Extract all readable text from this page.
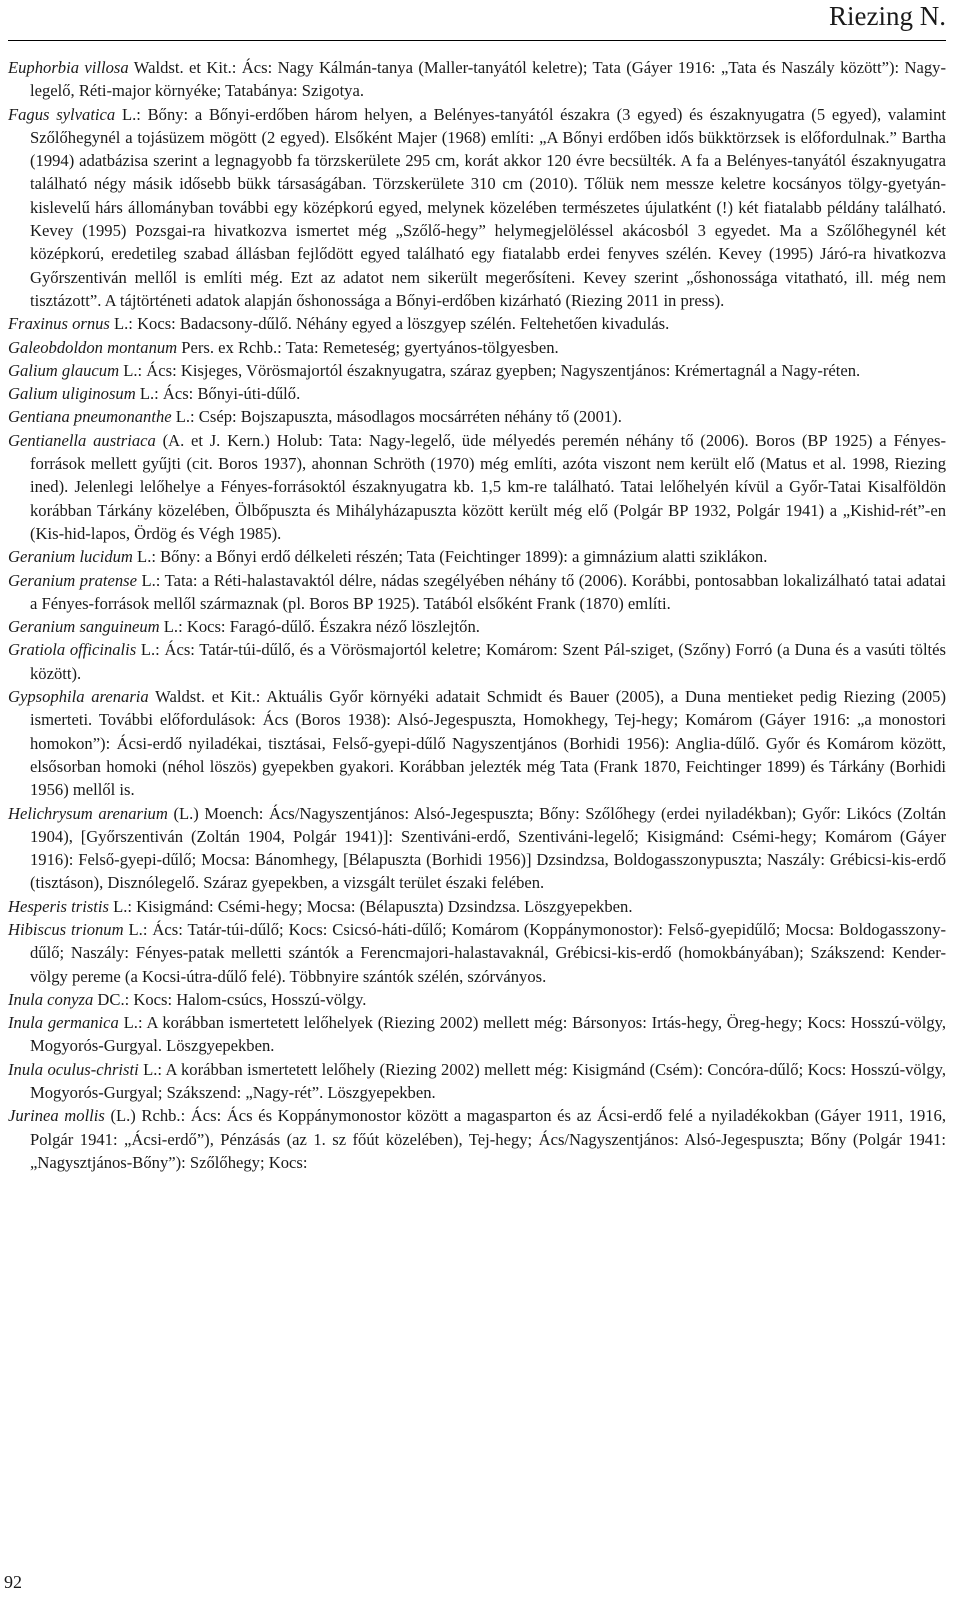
Riezing N.

Euphorbia villosa Waldst. et Kit.: Ács: Nagy Kálmán-tanya (Maller-tanyától keletre); Tata (Gáyer 1916: „Tata és Naszály között”): Nagy-legelő, Réti-major környéke; Tatabánya: Szigotya.

Fagus sylvatica L.: Bőny: a Bőnyi-erdőben három helyen, a Belényes-tanyától északra (3 egyed) és északnyugatra (5 egyed), valamint Szőlőhegynél a tojásüzem mögött (2 egyed). Elsőként Majer (1968) említi: „A Bőnyi erdőben idős bükktörzsek is előfordulnak.” Bartha (1994) adatbázisa szerint a legnagyobb fa törzskerülete 295 cm, korát akkor 120 évre becsülték. A fa a Belényes-tanyától északnyugatra található négy másik idősebb bükk társaságában. Törzskerülete 310 cm (2010). Tőlük nem messze keletre kocsányos tölgy-gyetyán-kislevelű hárs állományban további egy középkorú egyed, melynek közelében természetes újulatként (!) két fiatalabb példány található. Kevey (1995) Pozsgai-ra hivatkozva ismertet még „Szőlő-hegy” helymegjelöléssel akácosból 3 egyedet. Ma a Szőlőhegynél két középkorú, eredetileg szabad állásban fejlődött egyed található egy fiatalabb erdei fenyves szélén. Kevey (1995) Járó-ra hivatkozva Győrszentiván mellől is említi még. Ezt az adatot nem sikerült megerősíteni. Kevey szerint „őshonossága vitatható, ill. még nem tisztázott”. A tájtörténeti adatok alapján őshonossága a Bőnyi-erdőben kizárható (Riezing 2011 in press).

Fraxinus ornus L.: Kocs: Badacsony-dűlő. Néhány egyed a löszgyep szélén. Feltehetően kivadulás.

Galeobdoldon montanum Pers. ex Rchb.: Tata: Remeteség; gyertyános-tölgyesben.

Galium glaucum L.: Ács: Kisjeges, Vörösmajortól északnyugatra, száraz gyepben; Nagyszentjános: Krémertagnál a Nagy-réten.

Galium uliginosum L.: Ács: Bőnyi-úti-dűlő.

Gentiana pneumonanthe L.: Csép: Bojszapuszta, másodlagos mocsárréten néhány tő (2001).

Gentianella austriaca (A. et J. Kern.) Holub: Tata: Nagy-legelő, üde mélyedés peremén néhány tő (2006). Boros (BP 1925) a Fényes-források mellett gyűjti (cit. Boros 1937), ahonnan Schröth (1970) még említi, azóta viszont nem került elő (Matus et al. 1998, Riezing ined). Jelenlegi lelőhelye a Fényes-forrásoktól északnyugatra kb. 1,5 km-re található. Tatai lelőhelyén kívül a Győr-Tatai Kisalföldön korábban Tárkány közelében, Ölbőpuszta és Mihályházapuszta között került még elő (Polgár BP 1932, Polgár 1941) a „Kishid-rét”-en (Kis-hid-lapos, Ördög és Végh 1985).

Geranium lucidum L.: Bőny: a Bőnyi erdő délkeleti részén; Tata (Feichtinger 1899): a gimnázium alatti sziklákon.

Geranium pratense L.: Tata: a Réti-halastavaktól délre, nádas szegélyében néhány tő (2006). Korábbi, pontosabban lokalizálható tatai adatai a Fényes-források mellől származnak (pl. Boros BP 1925). Tatából elsőként Frank (1870) említi.

Geranium sanguineum L.: Kocs: Faragó-dűlő. Északra néző löszlejtőn.

Gratiola officinalis L.: Ács: Tatár-túi-dűlő, és a Vörösmajortól keletre; Komárom: Szent Pál-sziget, (Szőny) Forró (a Duna és a vasúti töltés között).

Gypsophila arenaria Waldst. et Kit.: Aktuális Győr környéki adatait Schmidt és Bauer (2005), a Duna mentieket pedig Riezing (2005) ismerteti. További előfordulások: Ács (Boros 1938): Alsó-Jegespuszta, Homokhegy, Tej-hegy; Komárom (Gáyer 1916: „a monostori homokon”): Ácsi-erdő nyiladékai, tisztásai, Felső-gyepi-dűlő Nagyszentjános (Borhidi 1956): Anglia-dűlő. Győr és Komárom között, elsősorban homoki (néhol löszös) gyepekben gyakori. Korábban jelezték még Tata (Frank 1870, Feichtinger 1899) és Tárkány (Borhidi 1956) mellől is.

Helichrysum arenarium (L.) Moench: Ács/Nagyszentjános: Alsó-Jegespuszta; Bőny: Szőlőhegy (erdei nyiladékban); Győr: Likócs (Zoltán 1904), [Győrszentiván (Zoltán 1904, Polgár 1941)]: Szentiváni-erdő, Szentiváni-legelő; Kisigmánd: Csémi-hegy; Komárom (Gáyer 1916): Felső-gyepi-dűlő; Mocsa: Bánomhegy, [Bélapuszta (Borhidi 1956)] Dzsindzsa, Boldogasszonypuszta; Naszály: Grébicsi-kis-erdő (tisztáson), Disznólegelő. Száraz gyepekben, a vizsgált terület északi felében.

Hesperis tristis L.: Kisigmánd: Csémi-hegy; Mocsa: (Bélapuszta) Dzsindzsa. Löszgyepekben.

Hibiscus trionum L.: Ács: Tatár-túi-dűlő; Kocs: Csicsó-háti-dűlő; Komárom (Koppánymonostor): Felső-gyepidűlő; Mocsa: Boldogasszony-dűlő; Naszály: Fényes-patak melletti szántók a Ferencmajori-halastavaknál, Grébicsi-kis-erdő (homokbányában); Szákszend: Kender-völgy pereme (a Kocsi-útra-dűlő felé). Többnyire szántók szélén, szórványos.

Inula conyza DC.: Kocs: Halom-csúcs, Hosszú-völgy.

Inula germanica L.: A korábban ismertetett lelőhelyek (Riezing 2002) mellett még: Bársonyos: Irtás-hegy, Öreg-hegy; Kocs: Hosszú-völgy, Mogyorós-Gurgyal. Löszgyepekben.

Inula oculus-christi L.: A korábban ismertetett lelőhely (Riezing 2002) mellett még: Kisigmánd (Csém): Concóra-dűlő; Kocs: Hosszú-völgy, Mogyorós-Gurgyal; Szákszend: „Nagy-rét”. Löszgyepekben.

Jurinea mollis (L.) Rchb.: Ács: Ács és Koppánymonostor között a magasparton és az Ácsi-erdő felé a nyiladékokban (Gáyer 1911, 1916, Polgár 1941: „Ácsi-erdő”), Pénzásás (az 1. sz főút közelében), Tej-hegy; Ács/Nagyszentjános: Alsó-Jegespuszta; Bőny (Polgár 1941: „Nagysztjános-Bőny”): Szőlőhegy; Kocs:

92
